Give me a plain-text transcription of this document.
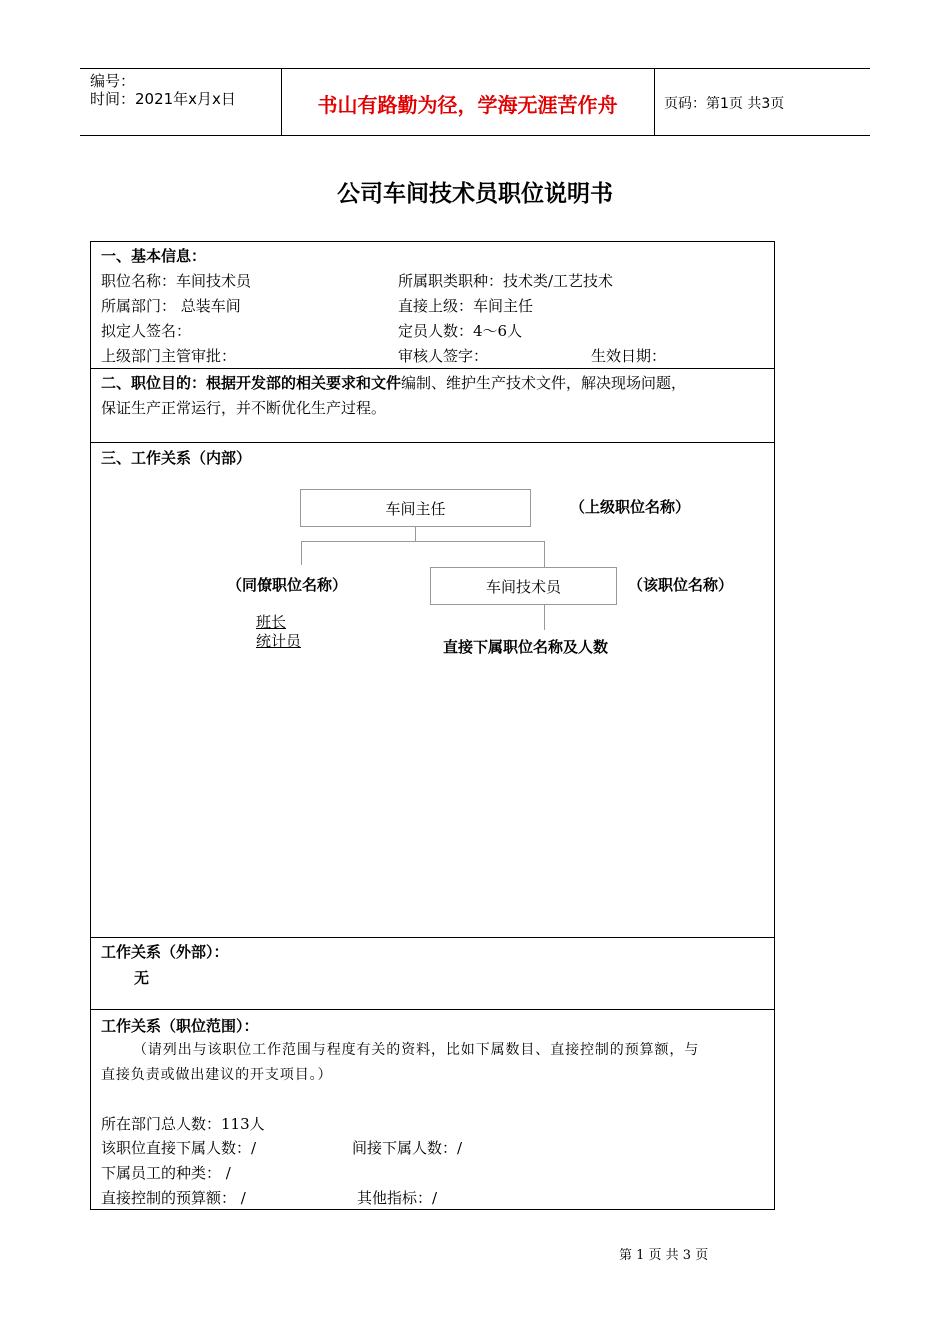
编号：
时间：2021年x月x日	书山有路勤为径，学海无涯苦作舟	页码：第1页 共3页
公司车间技术员职位说明书
一、基本信息：
职位名称：车间技术员	所属职类职种：技术类/工艺技术
所属部门： 总装车间	直接上级：车间主任
拟定人签名：	定员人数：4～6人
上级部门主管审批：	审核人签字：	生效日期：
二、职位目的：根据开发部的相关要求和文件编制、维护生产技术文件，解决现场问题，
保证生产正常运行，并不断优化生产过程。
三、工作关系（内部）
车间主任	（上级职位名称）
车间技术员	（该职位名称）
（同僚职位名称）
班长
统计员	直接下属职位名称及人数
工作关系（外部）：
无
工作关系（职位范围）：
（请列出与该职位工作范围与程度有关的资料，比如下属数目、直接控制的预算额，与
直接负责或做出建议的开支项目。）
所在部门总人数：113人
该职位直接下属人数：/	间接下属人数：/
下属员工的种类： /
直接控制的预算额： /	其他指标：/
第 1 页 共 3 页
